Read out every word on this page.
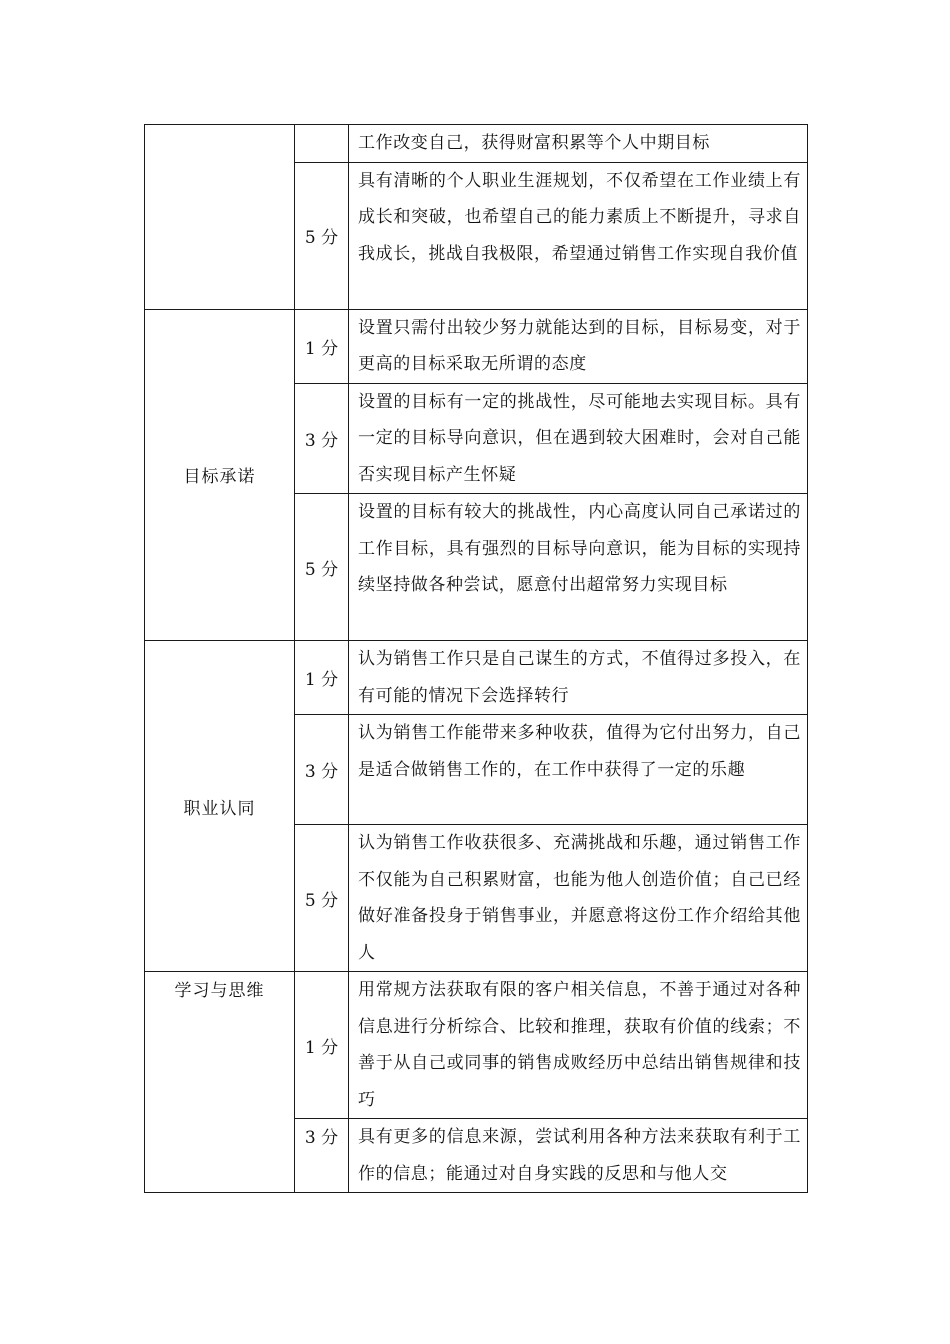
		工作改变自己，获得财富积累等个人中期目标
	5 分	具有清晰的个人职业生涯规划，不仅希望在工作业绩上有成长和突破，也希望自己的能力素质上不断提升，寻求自我成长，挑战自我极限，希望通过销售工作实现自我价值
目标承诺	1 分	设置只需付出较少努力就能达到的目标，目标易变，对于更高的目标采取无所谓的态度
	3 分	设置的目标有一定的挑战性，尽可能地去实现目标。具有一定的目标导向意识，但在遇到较大困难时，会对自己能否实现目标产生怀疑
	5 分	设置的目标有较大的挑战性，内心高度认同自己承诺过的工作目标，具有强烈的目标导向意识，能为目标的实现持续坚持做各种尝试，愿意付出超常努力实现目标
职业认同	1 分	认为销售工作只是自己谋生的方式，不值得过多投入，在有可能的情况下会选择转行
	3 分	认为销售工作能带来多种收获，值得为它付出努力，自己是适合做销售工作的，在工作中获得了一定的乐趣
	5 分	认为销售工作收获很多、充满挑战和乐趣，通过销售工作不仅能为自己积累财富，也能为他人创造价值；自己已经做好准备投身于销售事业，并愿意将这份工作介绍给其他人
学习与思维	1 分	用常规方法获取有限的客户相关信息，不善于通过对各种信息进行分析综合、比较和推理，获取有价值的线索；不善于从自己或同事的销售成败经历中总结出销售规律和技巧
	3 分	具有更多的信息来源，尝试利用各种方法来获取有利于工作的信息；能通过对自身实践的反思和与他人交
